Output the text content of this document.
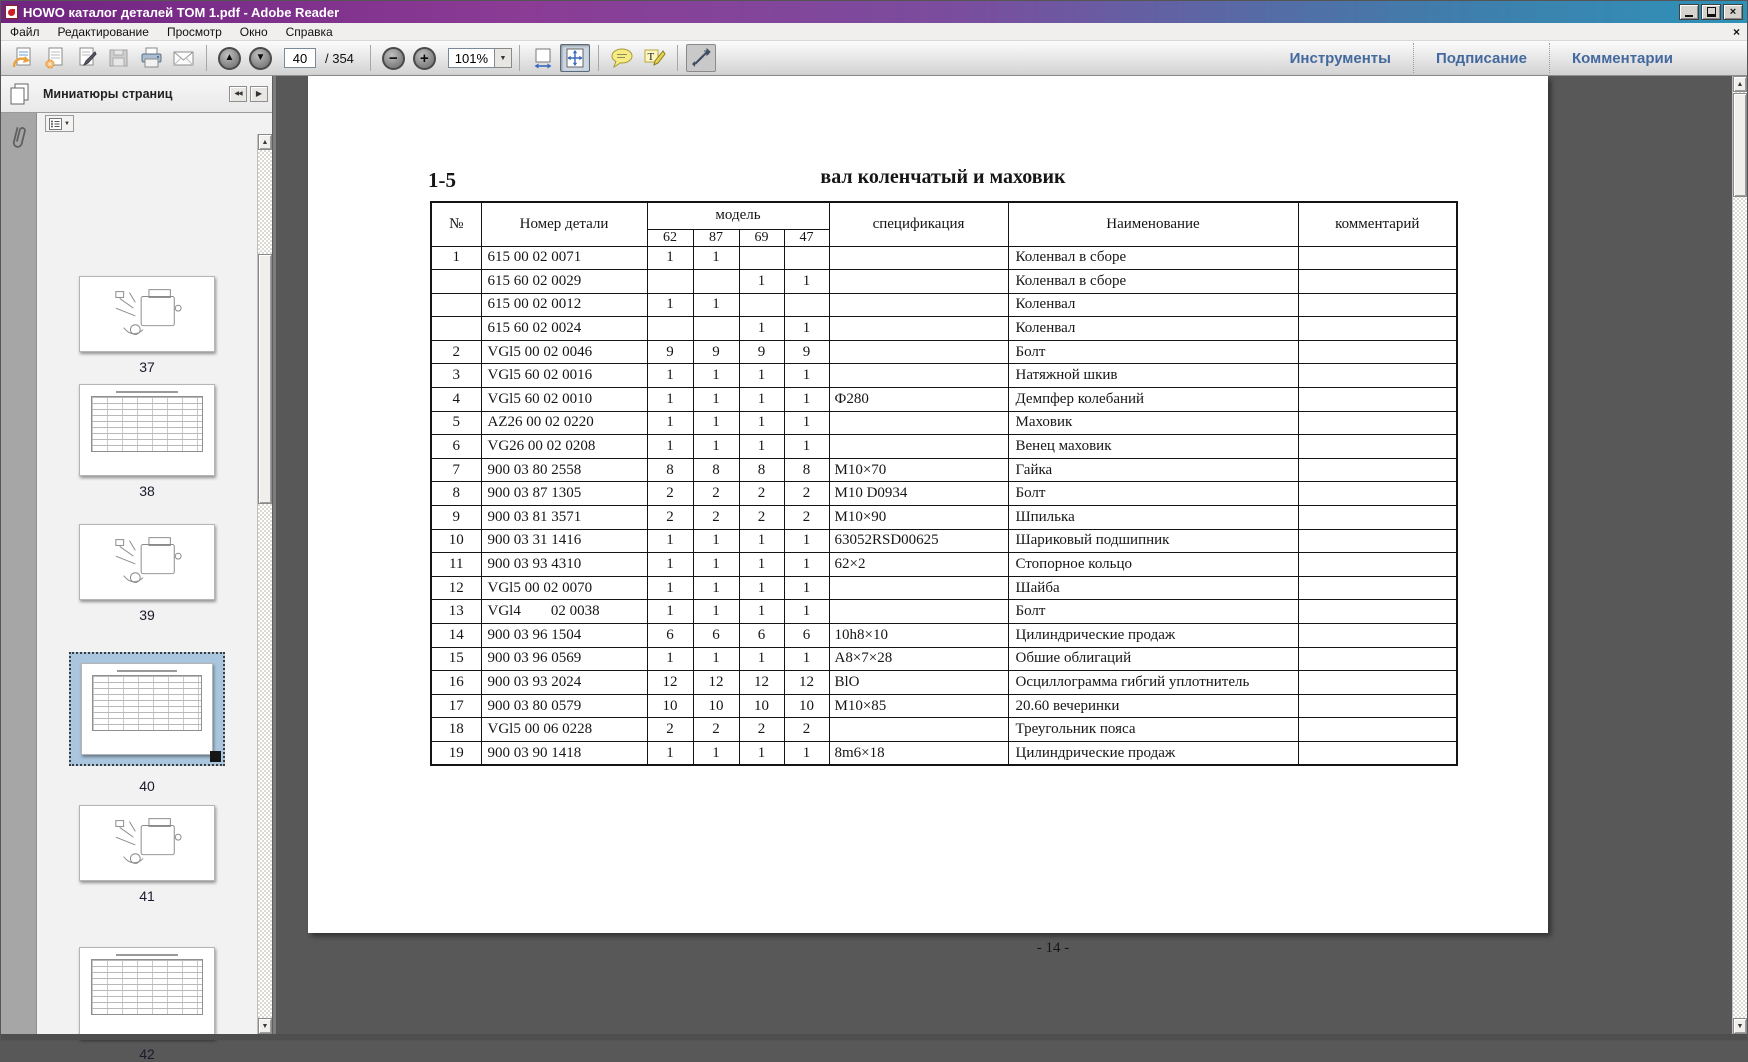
HOWO каталог деталей ТОМ 1.pdf - Adobe Reader	×
Файл	Редактирование	Просмотр	Окно	Справка	×
▲	▼
40	/ 354	−	+
101%	▼	T	Инструменты	Подписание	Комментарии
Миниатюры страниц	◀◀ ▶
▼
37
38
39
40
41
42
▲
▼
1-5	вал коленчатый и маховик
№	Номер детали	модель				спецификация	Наименование	комментарий
		62	87	69	47			
1	615 00 02 0071	1	1				Коленвал в сборе	
	615 60 02 0029			1	1		Коленвал в сборе	
	615 00 02 0012	1	1				Коленвал	
	615 60 02 0024			1	1		Коленвал	
2	VGl5 00 02 0046	9	9	9	9		Болт	
3	VGl5 60 02 0016	1	1	1	1		Натяжной шкив	
4	VGl5 60 02 0010	1	1	1	1	Ф280	Демпфер колебаний	
5	AZ26 00 02 0220	1	1	1	1		Маховик	
6	VG26 00 02 0208	1	1	1	1		Венец маховик	
7	900 03 80 2558	8	8	8	8	M10×70	Гайка	
8	900 03 87 1305	2	2	2	2	M10 D0934	Болт	
9	900 03 81 3571	2	2	2	2	M10×90	Шпилька	
10	900 03 31 1416	1	1	1	1	63052RSD00625	Шариковый подшипник	
11	900 03 93 4310	1	1	1	1	62×2	Стопорное кольцо	
12	VGl5 00 02 0070	1	1	1	1		Шайба	
13	VGl4        02 0038	1	1	1	1		Болт	
14	900 03 96 1504	6	6	6	6	10h8×10	Цилиндрические продаж	
15	900 03 96 0569	1	1	1	1	A8×7×28	Обшие облигаций	
16	900 03 93 2024	12	12	12	12	BlO	Осциллограмма гибгий уплотнитель	
17	900 03 80 0579	10	10	10	10	M10×85	20.60 вечеринки	
18	VGl5 00 06 0228	2	2	2	2		Треугольник пояса	
19	900 03 90 1418	1	1	1	1	8m6×18	Цилиндрические продаж	
- 14 -
▲
▼
